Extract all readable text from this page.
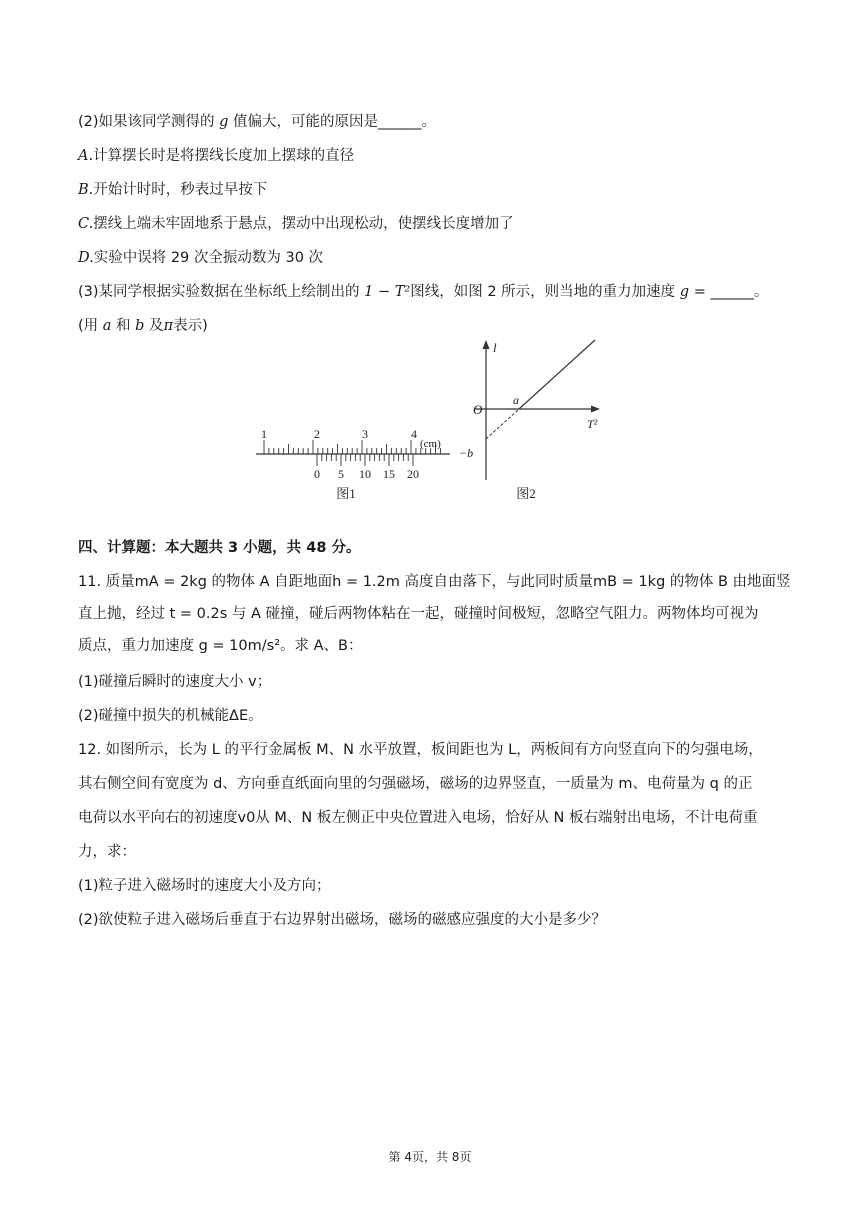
(2)如果该同学测得的 g 值偏大，可能的原因是______。
A.计算摆长时是将摆线长度加上摆球的直径
B.开始计时时，秒表过早按下
C.摆线上端未牢固地系于悬点，摆动中出现松动，使摆线长度增加了
D.实验中误将 29 次全振动数为 30 次
(3)某同学根据实验数据在坐标纸上绘制出的 1 − T²图线，如图 2 所示，则当地的重力加速度 g = ______。
(用 a 和 b 及π表示)
1	2	3	4
(cm)
0 5 10 15 20
图1
l
T²
O
a
−b
图2
四、计算题：本大题共 3 小题，共 48 分。
11. 质量mA = 2kg 的物体 A 自距地面h = 1.2m 高度自由落下，与此同时质量mB = 1kg 的物体 B 由地面竖
直上抛，经过 t = 0.2s 与 A 碰撞，碰后两物体粘在一起，碰撞时间极短，忽略空气阻力。两物体均可视为
质点，重力加速度 g = 10m/s²。求 A、B：
(1)碰撞后瞬时的速度大小 v；
(2)碰撞中损失的机械能ΔE。
12. 如图所示，长为 L 的平行金属板 M、N 水平放置，板间距也为 L，两板间有方向竖直向下的匀强电场，
其右侧空间有宽度为 d、方向垂直纸面向里的匀强磁场，磁场的边界竖直，一质量为 m、电荷量为 q 的正
电荷以水平向右的初速度v0从 M、N 板左侧正中央位置进入电场，恰好从 N 板右端射出电场，不计电荷重
力，求：
(1)粒子进入磁场时的速度大小及方向；
(2)欲使粒子进入磁场后垂直于右边界射出磁场，磁场的磁感应强度的大小是多少？
第 4页，共 8页
